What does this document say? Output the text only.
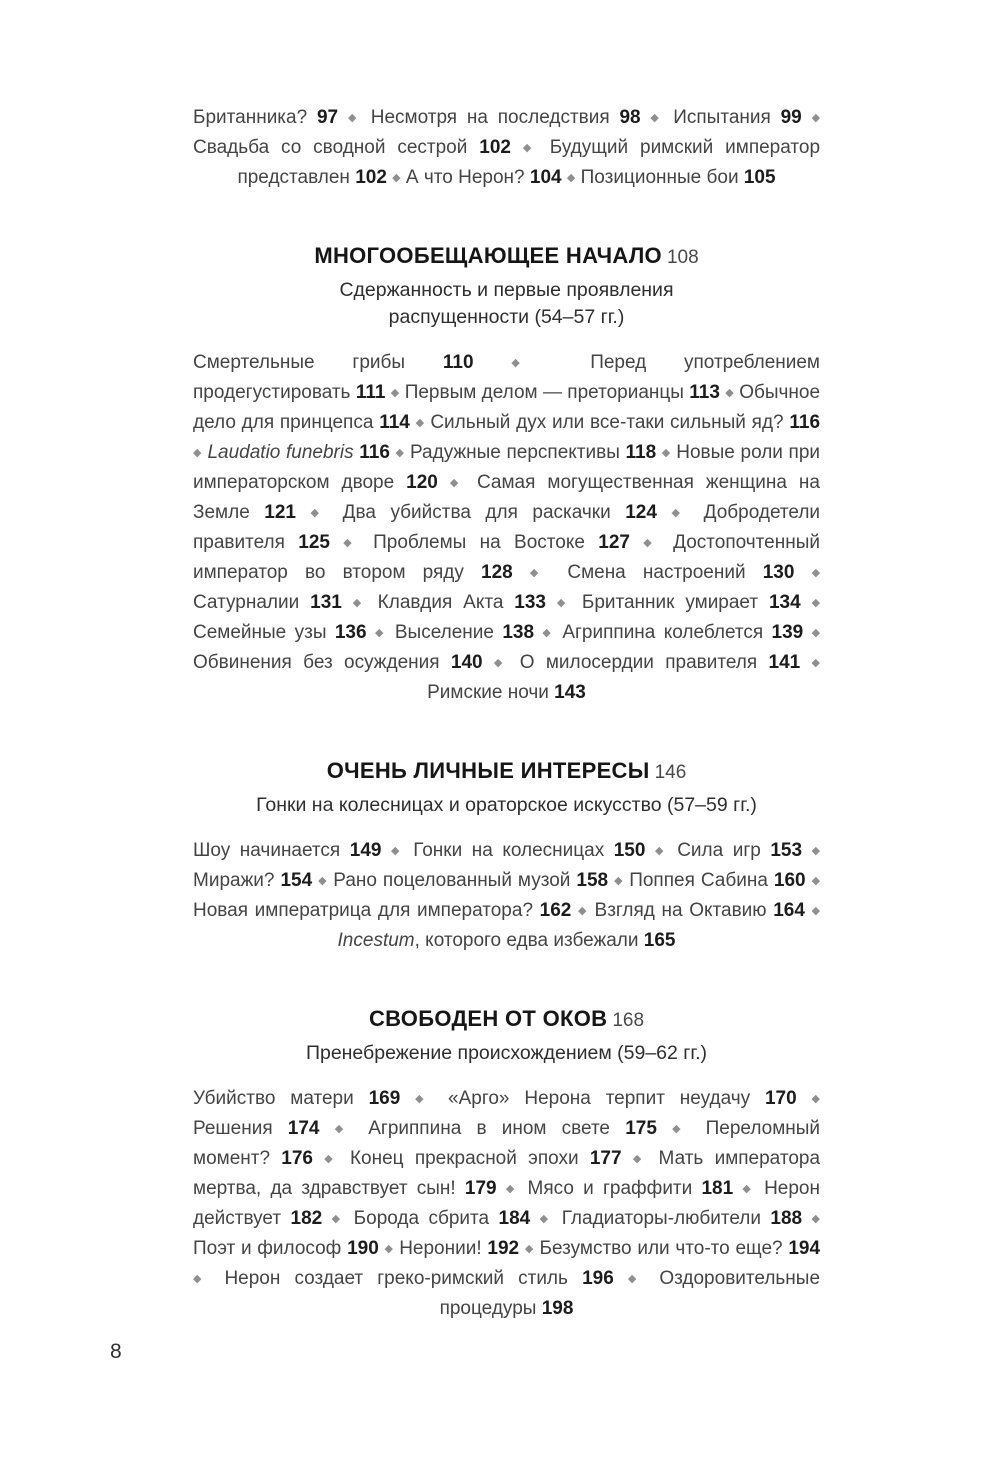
Британника? 97 ◆ Несмотря на последствия 98 ◆ Испытания 99 ◆ Свадьба со сводной сестрой 102 ◆ Будущий римский император представлен 102 ◆ А что Нерон? 104 ◆ Позиционные бои 105

МНОГООБЕЩАЮЩЕЕ НАЧАЛО 108
Сдержанность и первые проявления
распущенности (54–57 гг.)

Смертельные грибы 110	◆ Перед употреблением продегустировать 111 ◆ Первым делом — преторианцы 113 ◆ Обычное дело для принцепса 114 ◆ Сильный дух или все-таки сильный яд? 116 ◆ Laudatio funebris 116 ◆ Радужные перспективы 118 ◆ Новые роли при императорском дворе 120 ◆ Самая могущественная женщина на Земле 121 ◆ Два убийства для раскачки 124 ◆ Добродетели правителя 125 ◆ Проблемы на Востоке 127 ◆ Достопочтенный император во втором ряду 128 ◆ Смена настроений 130 ◆ Сатурналии 131 ◆ Клавдия Акта 133 ◆ Британник умирает 134 ◆ Семейные узы 136 ◆ Выселение 138 ◆ Агриппина колеблется 139 ◆ Обвинения без осуждения 140 ◆ О милосердии правителя 141 ◆ Римские ночи 143

ОЧЕНЬ ЛИЧНЫЕ ИНТЕРЕСЫ 146
Гонки на колесницах и ораторское искусство (57–59 гг.)

Шоу начинается 149 ◆ Гонки на колесницах 150 ◆ Сила игр 153 ◆ Миражи? 154 ◆ Рано поцелованный музой 158 ◆ Поппея Сабина 160 ◆ Новая императрица для императора? 162 ◆ Взгляд на Октавию 164 ◆ Incestum, которого едва избежали 165

СВОБОДЕН ОТ ОКОВ 168
Пренебрежение происхождением (59–62 гг.)

Убийство матери 169 ◆ «Арго» Нерона терпит неудачу 170 ◆ Решения 174 ◆ Агриппина в ином свете 175 ◆ Переломный момент? 176 ◆ Конец прекрасной эпохи 177 ◆ Мать императора мертва, да здравствует сын! 179 ◆ Мясо и граффити 181 ◆ Нерон действует 182 ◆ Борода сбрита 184 ◆ Гладиаторы-любители 188 ◆ Поэт и философ 190 ◆ Неронии! 192 ◆ Безумство или что-то еще? 194 ◆ Нерон создает греко-римский стиль 196 ◆ Оздоровительные процедуры 198

8
